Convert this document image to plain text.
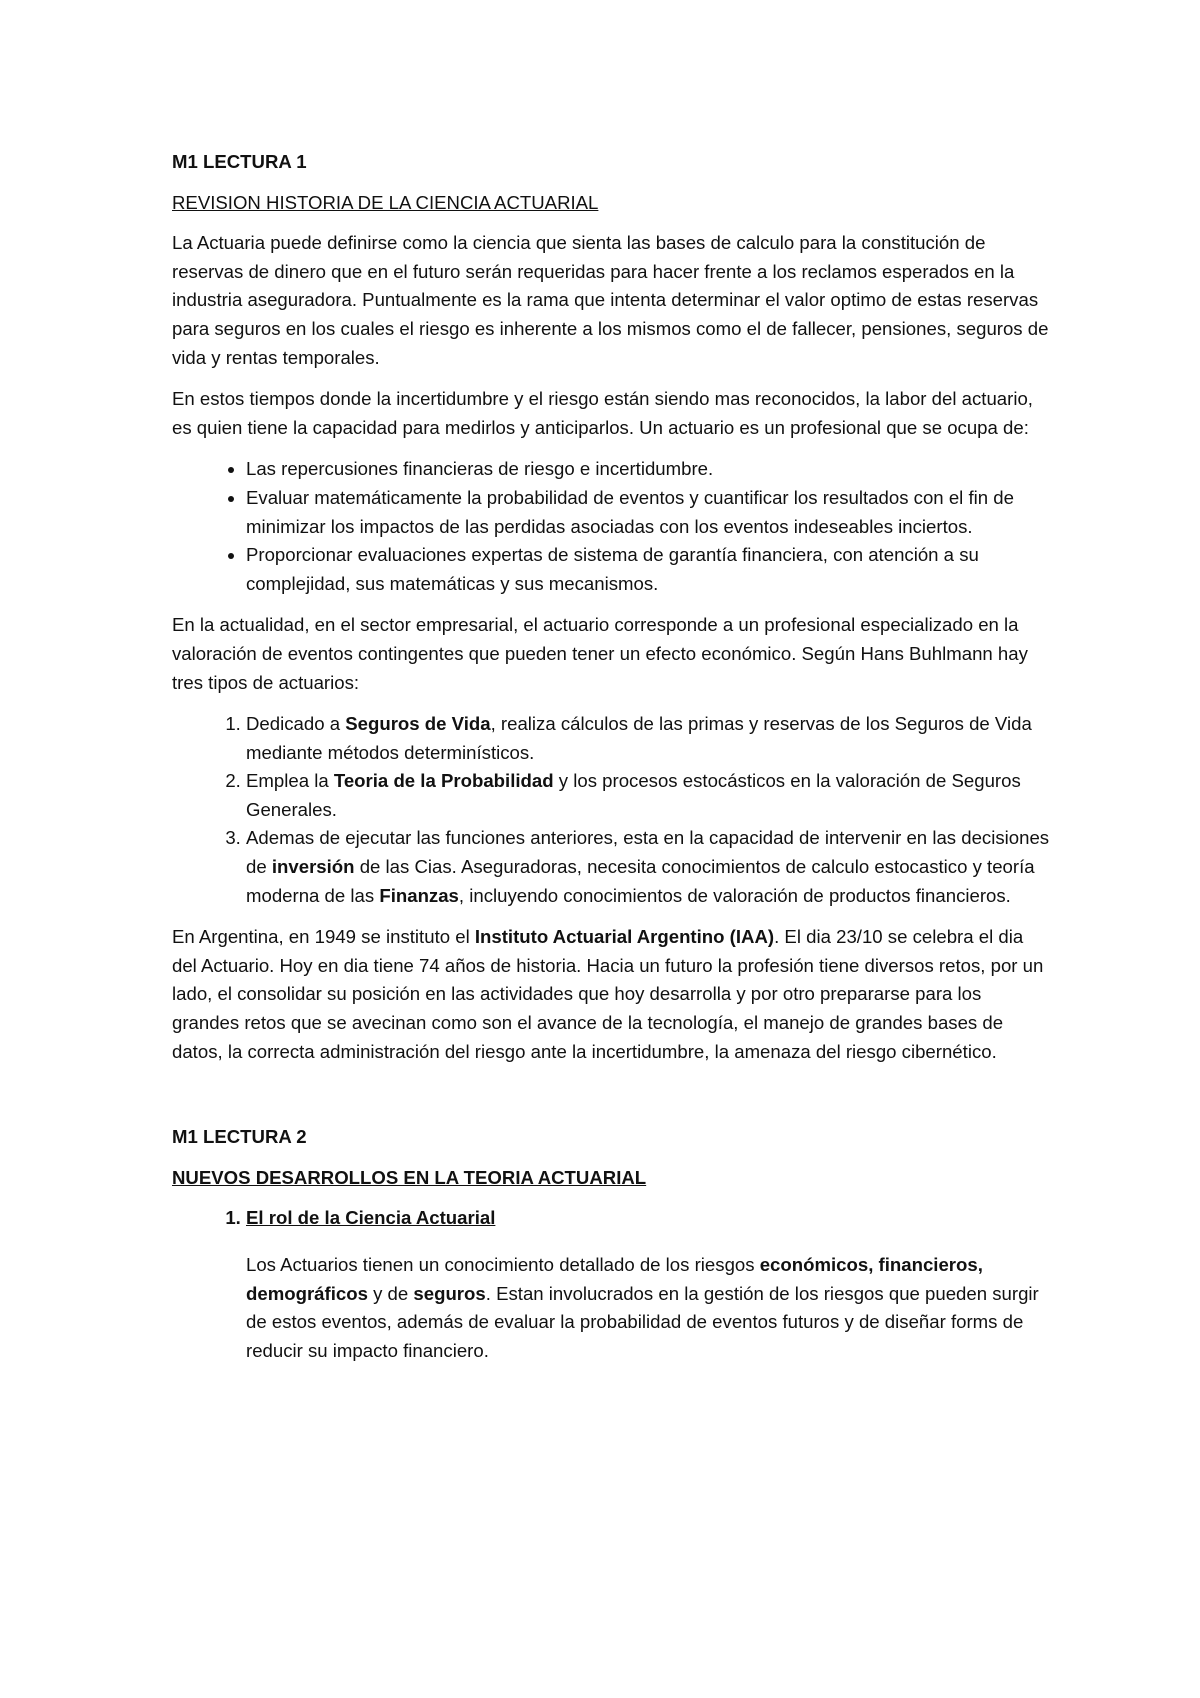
M1 LECTURA 1
REVISION HISTORIA DE LA CIENCIA ACTUARIAL

La Actuaria puede definirse como la ciencia que sienta las bases de calculo para la constitución de reservas de dinero que en el futuro serán requeridas para hacer frente a los reclamos esperados en la industria aseguradora. Puntualmente es la rama que intenta determinar el valor optimo de estas reservas para seguros en los cuales el riesgo es inherente a los mismos como el de fallecer, pensiones, seguros de vida y rentas temporales.

En estos tiempos donde la incertidumbre y el riesgo están siendo mas reconocidos, la labor del actuario, es quien tiene la capacidad para medirlos y anticiparlos. Un actuario es un profesional que se ocupa de:

• Las repercusiones financieras de riesgo e incertidumbre.
• Evaluar matemáticamente la probabilidad de eventos y cuantificar los resultados con el fin de minimizar los impactos de las perdidas asociadas con los eventos indeseables inciertos.
• Proporcionar evaluaciones expertas de sistema de garantía financiera, con atención a su complejidad, sus matemáticas y sus mecanismos.

En la actualidad, en el sector empresarial, el actuario corresponde a un profesional especializado en la valoración de eventos contingentes que pueden tener un efecto económico. Según Hans Buhlmann hay tres tipos de actuarios:

1. Dedicado a Seguros de Vida, realiza cálculos de las primas y reservas de los Seguros de Vida mediante métodos determinísticos.
2. Emplea la Teoria de la Probabilidad y los procesos estocásticos en la valoración de Seguros Generales.
3. Ademas de ejecutar las funciones anteriores, esta en la capacidad de intervenir en las decisiones de inversión de las Cias. Aseguradoras, necesita conocimientos de calculo estocastico y teoría moderna de las Finanzas, incluyendo conocimientos de valoración de productos financieros.

En Argentina, en 1949 se instituto el Instituto Actuarial Argentino (IAA). El dia 23/10 se celebra el dia del Actuario. Hoy en dia tiene 74 años de historia. Hacia un futuro la profesión tiene diversos retos, por un lado, el consolidar su posición en las actividades que hoy desarrolla y por otro prepararse para los grandes retos que se avecinan como son el avance de la tecnología, el manejo de grandes bases de datos, la correcta administración del riesgo ante la incertidumbre, la amenaza del riesgo cibernético.

M1 LECTURA 2
NUEVOS DESARROLLOS EN LA TEORIA ACTUARIAL
1. El rol de la Ciencia Actuarial
Los Actuarios tienen un conocimiento detallado de los riesgos económicos, financieros, demográficos y de seguros. Estan involucrados en la gestión de los riesgos que pueden surgir de estos eventos, además de evaluar la probabilidad de eventos futuros y de diseñar forms de reducir su impacto financiero.
